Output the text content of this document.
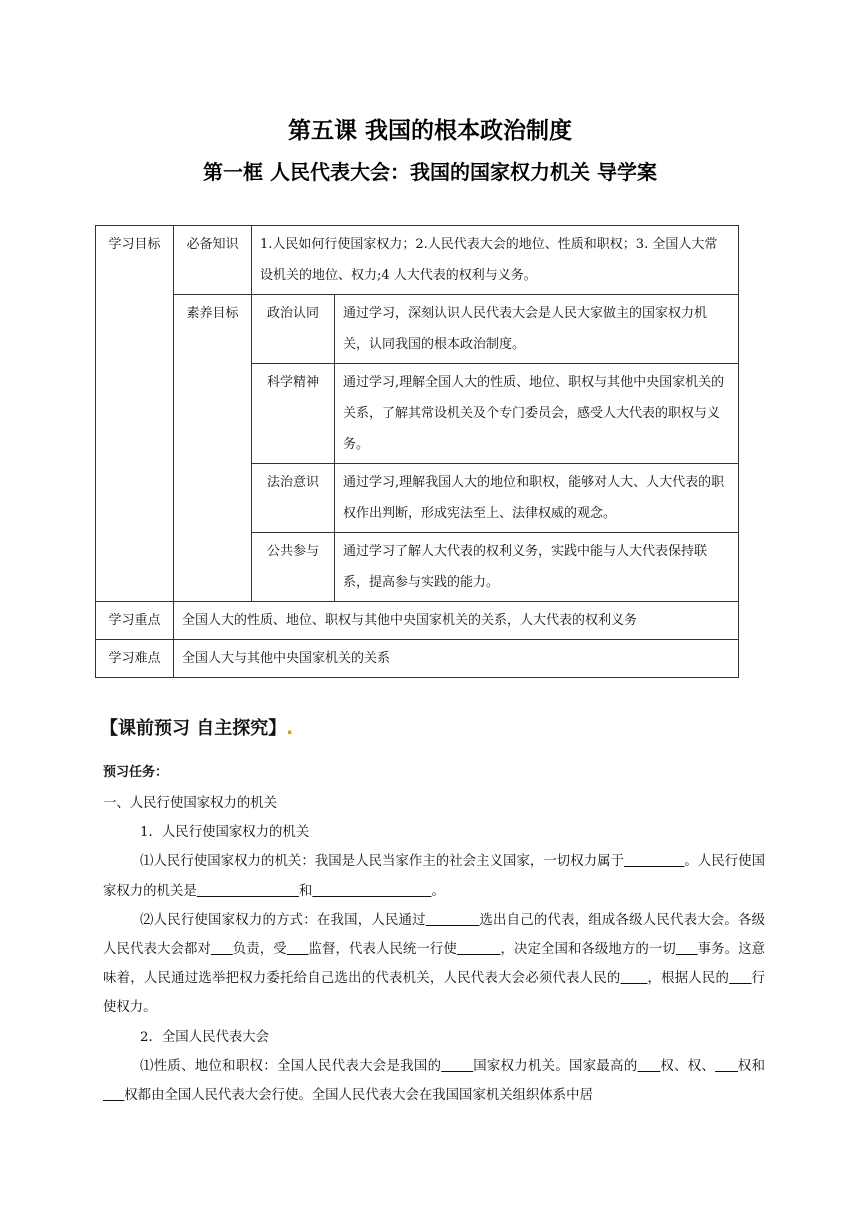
第五课 我国的根本政治制度
第一框 人民代表大会：我国的国家权力机关 导学案
学习目标	必备知识	1.人民如何行使国家权力；2.人民代表大会的地位、性质和职权；3. 全国人大常设机关的地位、权力;4 人大代表的权利与义务。	
	素养目标	政治认同	通过学习，深刻认识人民代表大会是人民大家做主的国家权力机关，认同我国的根本政治制度。
		科学精神	通过学习,理解全国人大的性质、地位、职权与其他中央国家机关的关系，了解其常设机关及个专门委员会，感受人大代表的职权与义务。
		法治意识	通过学习,理解我国人大的地位和职权，能够对人大、人大代表的职权作出判断，形成宪法至上、法律权威的观念。
		公共参与	通过学习了解人大代表的权利义务，实践中能与人大代表保持联系，提高参与实践的能力。
学习重点	全国人大的性质、地位、职权与其他中央国家机关的关系，人大代表的权利义务		
学习难点	全国人大与其他中央国家机关的关系		
【课前预习 自主探究】.
预习任务：

一、人民行使国家权力的机关

1．人民行使国家权力的机关

⑴人民行使国家权力的机关：我国是人民当家作主的社会主义国家，一切权力属于	。人民行使国家权力的机关是	和	。

⑵人民行使国家权力的方式：在我国，人民通过	选出自己的代表，组成各级人民代表大会。各级人民代表大会都对 负责，受 监督，代表人民统一行使	，决定全国和各级地方的一切 事务。这意味着，人民通过选举把权力委托给自己选出的代表机关，人民代表大会必须代表人民的 ，根据人民的 行使权力。

2．全国人民代表大会

⑴性质、地位和职权：全国人民代表大会是我国的 国家权力机关。国家最高的 权、权、 权和     权都由全国人民代表大会行使。全国人民代表大会在我国国家机关组织体系中居
